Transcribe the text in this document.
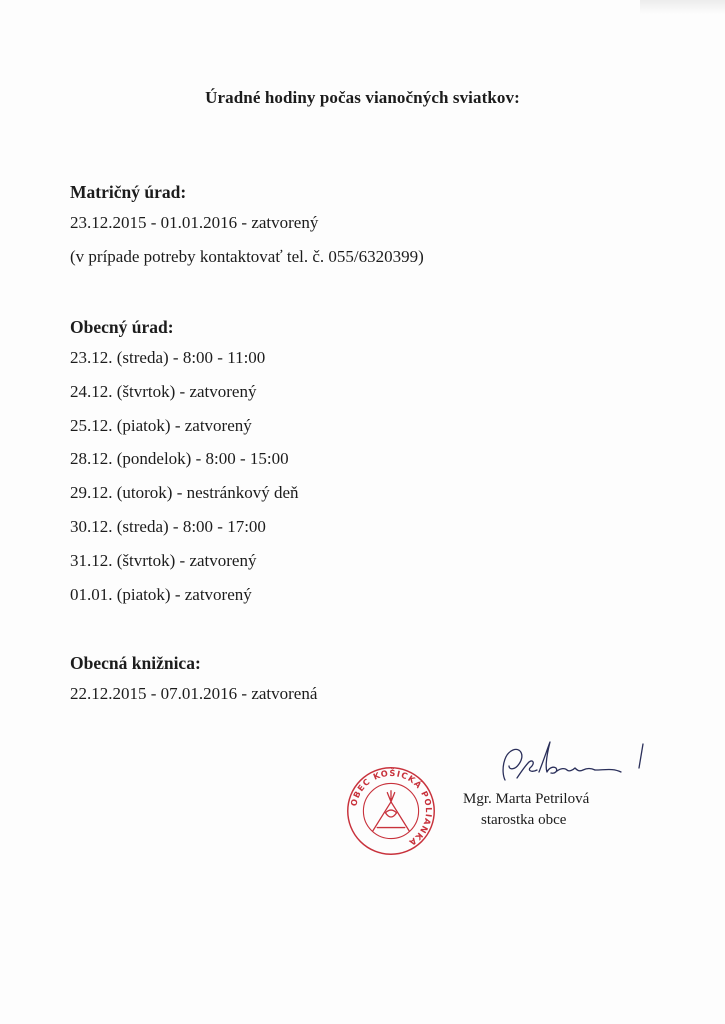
Úradné hodiny počas vianočných sviatkov:
Matričný úrad:
23.12.2015 - 01.01.2016 - zatvorený
(v prípade potreby kontaktovať tel. č. 055/6320399)
Obecný úrad:
23.12. (streda) - 8:00 - 11:00
24.12. (štvrtok) - zatvorený
25.12. (piatok) - zatvorený
28.12. (pondelok) - 8:00 - 15:00
29.12. (utorok) - nestránkový deň
30.12. (streda) - 8:00 - 17:00
31.12. (štvrtok) - zatvorený
01.01. (piatok) - zatvorený
Obecná knižnica:
22.12.2015 - 07.01.2016 - zatvorená
OBEC KOŠICKÁ POLIANKA
Mgr. Marta Petrilová
starostka obce
